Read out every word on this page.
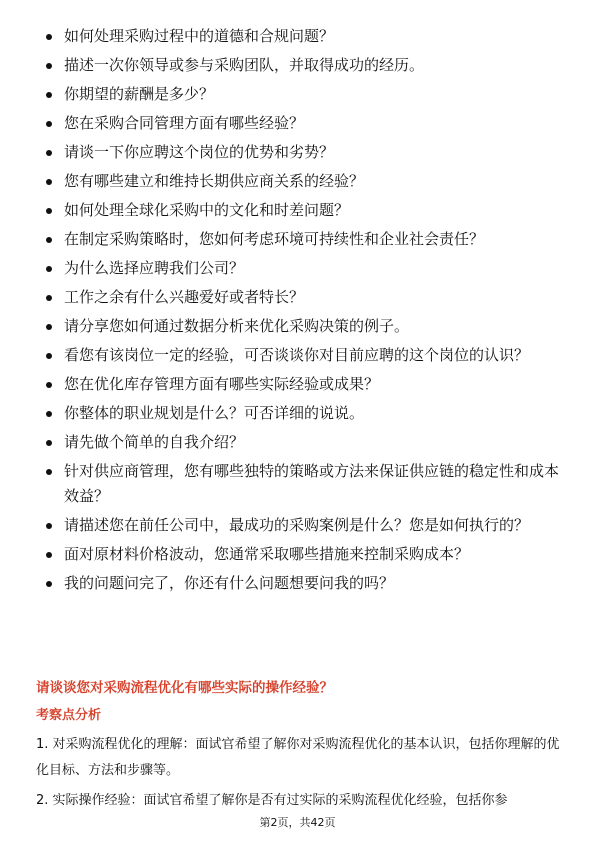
如何处理采购过程中的道德和合规问题？
描述一次你领导或参与采购团队，并取得成功的经历。
你期望的薪酬是多少？
您在采购合同管理方面有哪些经验？
请谈一下你应聘这个岗位的优势和劣势？
您有哪些建立和维持长期供应商关系的经验？
如何处理全球化采购中的文化和时差问题？
在制定采购策略时，您如何考虑环境可持续性和企业社会责任？
为什么选择应聘我们公司？
工作之余有什么兴趣爱好或者特长？
请分享您如何通过数据分析来优化采购决策的例子。
看您有该岗位一定的经验，可否谈谈你对目前应聘的这个岗位的认识？
您在优化库存管理方面有哪些实际经验或成果？
你整体的职业规划是什么？可否详细的说说。
请先做个简单的自我介绍？
针对供应商管理，您有哪些独特的策略或方法来保证供应链的稳定性和成本效益？
请描述您在前任公司中，最成功的采购案例是什么？您是如何执行的？
面对原材料价格波动，您通常采取哪些措施来控制采购成本？
我的问题问完了，你还有什么问题想要问我的吗？
请谈谈您对采购流程优化有哪些实际的操作经验？
考察点分析
1. 对采购流程优化的理解：面试官希望了解你对采购流程优化的基本认识，包括你理解的优化目标、方法和步骤等。
2. 实际操作经验：面试官希望了解你是否有过实际的采购流程优化经验，包括你参
第2页，共42页
